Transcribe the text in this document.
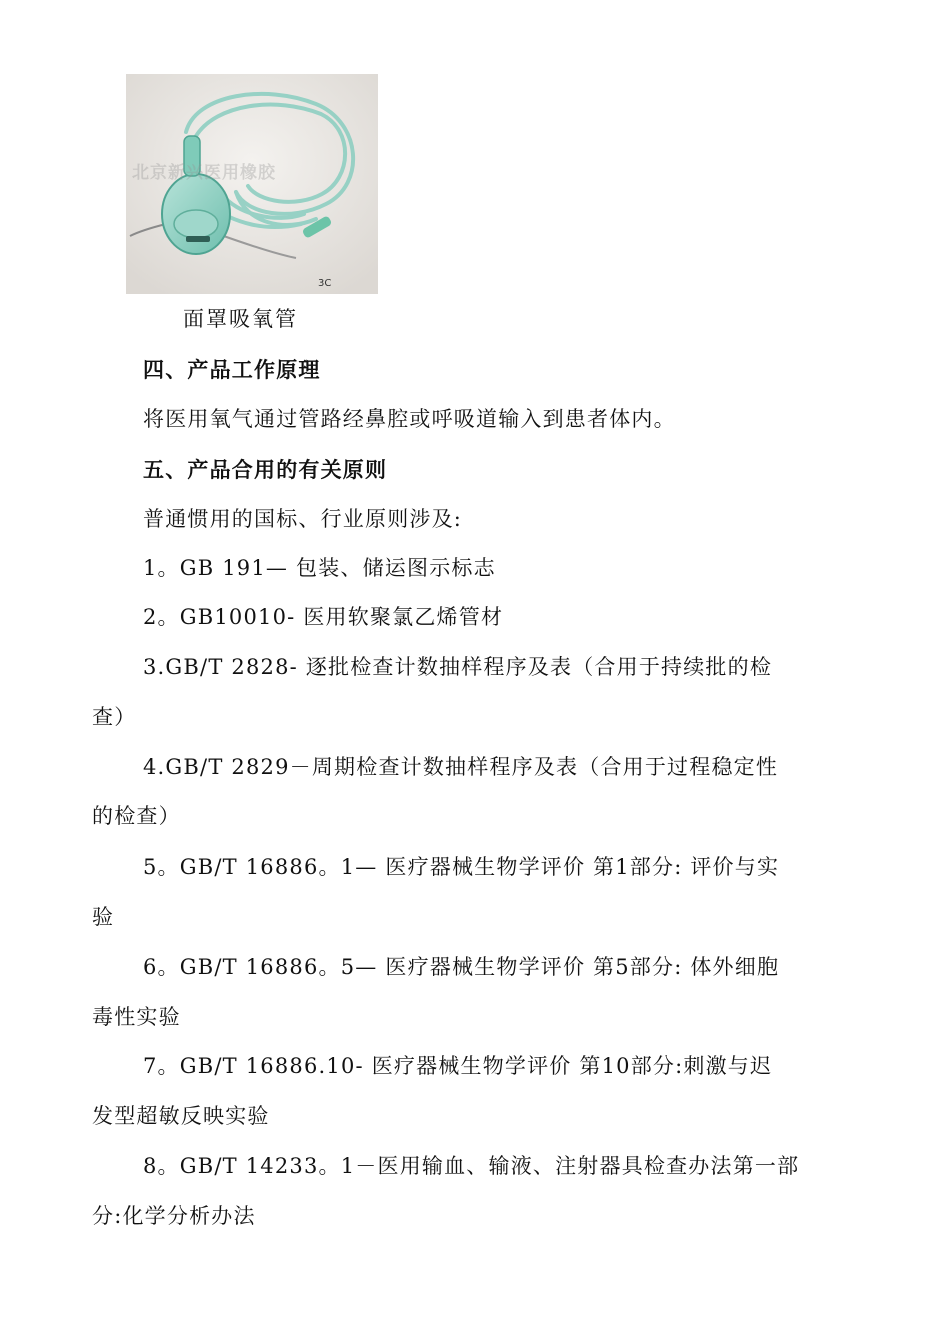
3C
北京新兴医用橡胶
面罩吸氧管
四、产品工作原理
将医用氧气通过管路经鼻腔或呼吸道输入到患者体内。
五、产品合用的有关原则
普通惯用的国标、行业原则涉及:
1。GB 191— 包装、储运图示标志
2。GB10010- 医用软聚氯乙烯管材
3.GB/T 2828- 逐批检查计数抽样程序及表（合用于持续批的检
查）
4.GB/T 2829－周期检查计数抽样程序及表（合用于过程稳定性
的检查）
5。GB/T 16886。1— 医疗器械生物学评价 第1部分: 评价与实
验
6。GB/T 16886。5— 医疗器械生物学评价 第5部分: 体外细胞
毒性实验
7。GB/T 16886.10- 医疗器械生物学评价 第10部分:刺激与迟
发型超敏反映实验
8。GB/T 14233。1－医用输血、输液、注射器具检查办法第一部
分:化学分析办法
